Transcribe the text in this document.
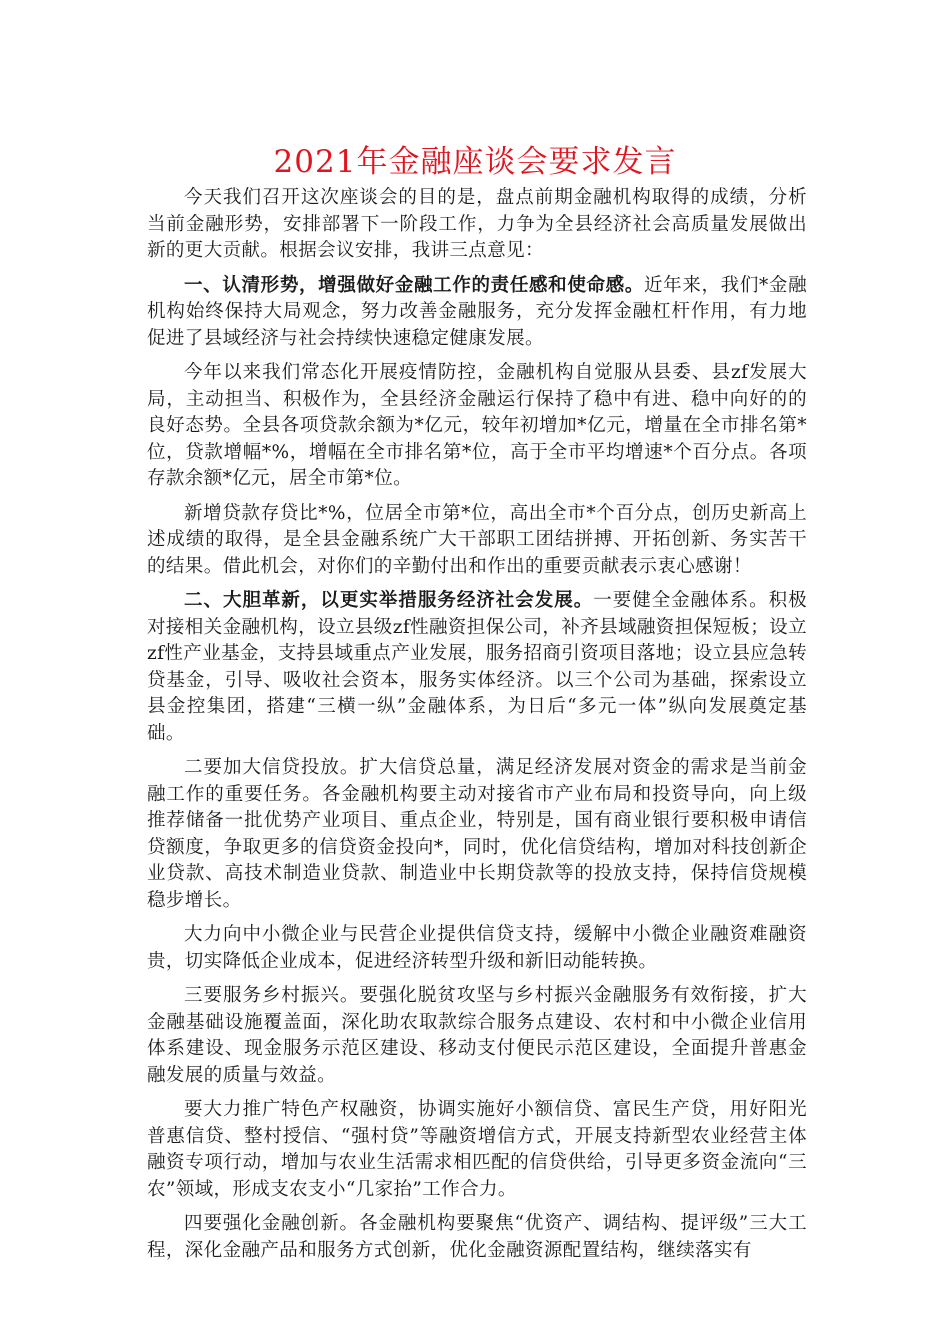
2021年金融座谈会要求发言

今天我们召开这次座谈会的目的是，盘点前期金融机构取得的成绩，分析当前金融形势，安排部署下一阶段工作，力争为全县经济社会高质量发展做出新的更大贡献。根据会议安排，我讲三点意见：

一、认清形势，增强做好金融工作的责任感和使命感。近年来，我们*金融机构始终保持大局观念，努力改善金融服务，充分发挥金融杠杆作用，有力地促进了县域经济与社会持续快速稳定健康发展。

今年以来我们常态化开展疫情防控，金融机构自觉服从县委、县zf发展大局，主动担当、积极作为，全县经济金融运行保持了稳中有进、稳中向好的的良好态势。全县各项贷款余额为*亿元，较年初增加*亿元，增量在全市排名第*位，贷款增幅*%，增幅在全市排名第*位，高于全市平均增速*个百分点。各项存款余额*亿元，居全市第*位。

新增贷款存贷比*%，位居全市第*位，高出全市*个百分点，创历史新高上述成绩的取得，是全县金融系统广大干部职工团结拼搏、开拓创新、务实苦干的结果。借此机会，对你们的辛勤付出和作出的重要贡献表示衷心感谢！

二、大胆革新，以更实举措服务经济社会发展。一要健全金融体系。积极对接相关金融机构，设立县级zf性融资担保公司，补齐县域融资担保短板；设立zf性产业基金，支持县域重点产业发展，服务招商引资项目落地；设立县应急转贷基金，引导、吸收社会资本，服务实体经济。以三个公司为基础，探索设立县金控集团，搭建“三横一纵”金融体系，为日后“多元一体”纵向发展奠定基础。

二要加大信贷投放。扩大信贷总量，满足经济发展对资金的需求是当前金融工作的重要任务。各金融机构要主动对接省市产业布局和投资导向，向上级推荐储备一批优势产业项目、重点企业，特别是，国有商业银行要积极申请信贷额度，争取更多的信贷资金投向*，同时，优化信贷结构，增加对科技创新企业贷款、高技术制造业贷款、制造业中长期贷款等的投放支持，保持信贷规模稳步增长。

大力向中小微企业与民营企业提供信贷支持，缓解中小微企业融资难融资贵，切实降低企业成本，促进经济转型升级和新旧动能转换。

三要服务乡村振兴。要强化脱贫攻坚与乡村振兴金融服务有效衔接，扩大金融基础设施覆盖面，深化助农取款综合服务点建设、农村和中小微企业信用体系建设、现金服务示范区建设、移动支付便民示范区建设，全面提升普惠金融发展的质量与效益。

要大力推广特色产权融资，协调实施好小额信贷、富民生产贷，用好阳光普惠信贷、整村授信、“强村贷”等融资增信方式，开展支持新型农业经营主体融资专项行动，增加与农业生活需求相匹配的信贷供给，引导更多资金流向“三农”领域，形成支农支小“几家抬”工作合力。

四要强化金融创新。各金融机构要聚焦“优资产、调结构、提评级”三大工程，深化金融产品和服务方式创新，优化金融资源配置结构，继续落实有
